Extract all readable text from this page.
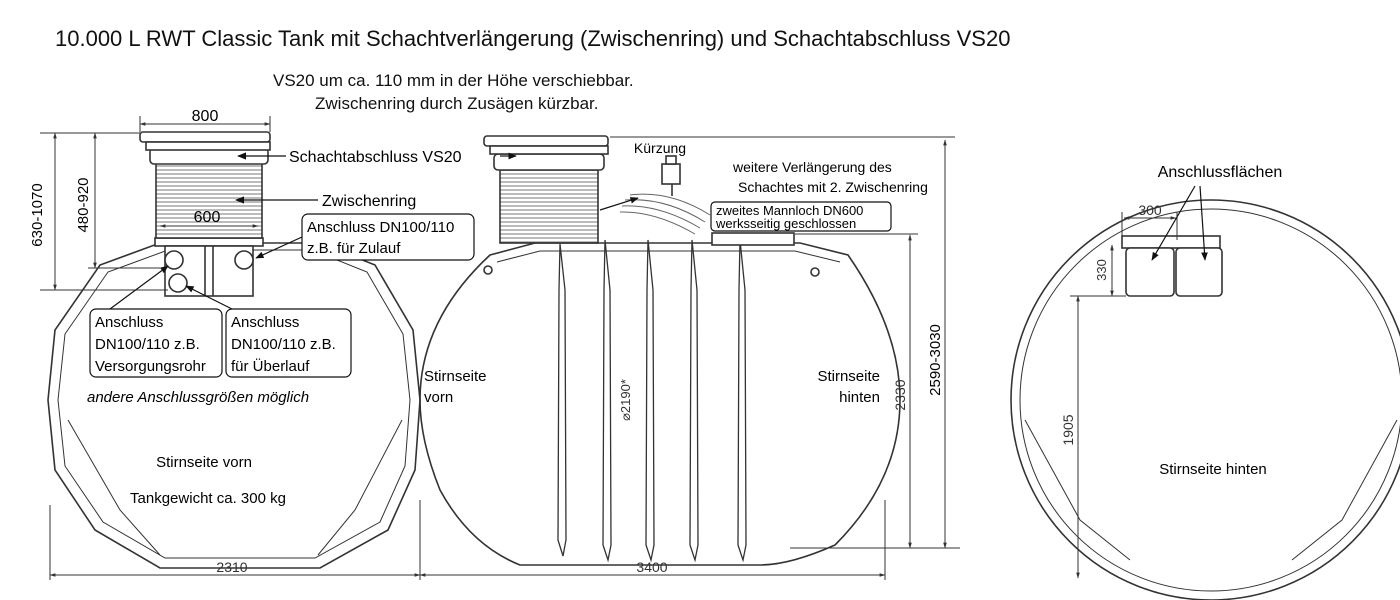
10.000 L RWT Classic Tank mit Schachtverlängerung (Zwischenring) und Schachtabschluss VS20
VS20 um ca. 110 mm in der Höhe verschiebbar.
Zwischenring durch Zusägen kürzbar.
800
600
630-1070 480-920
2310
Schachtabschluss VS20
Zwischenring
Anschluss DN100/110
z.B. für Zulauf
Anschluss
DN100/110 z.B.
Versorgungsrohr
Anschluss
DN100/110 z.B.
für Überlauf
andere Anschlussgrößen möglich
Stirnseite vorn
Tankgewicht ca. 300 kg
Kürzung
weitere Verlängerung des
Schachtes mit 2. Zwischenring
zweites Mannloch DN600
werksseitig geschlossen
Stirnseite
vorn
Stirnseite
hinten
⌀2190*	2330 2590-3030
3400
Anschlussflächen
300
330
1905
Stirnseite hinten
